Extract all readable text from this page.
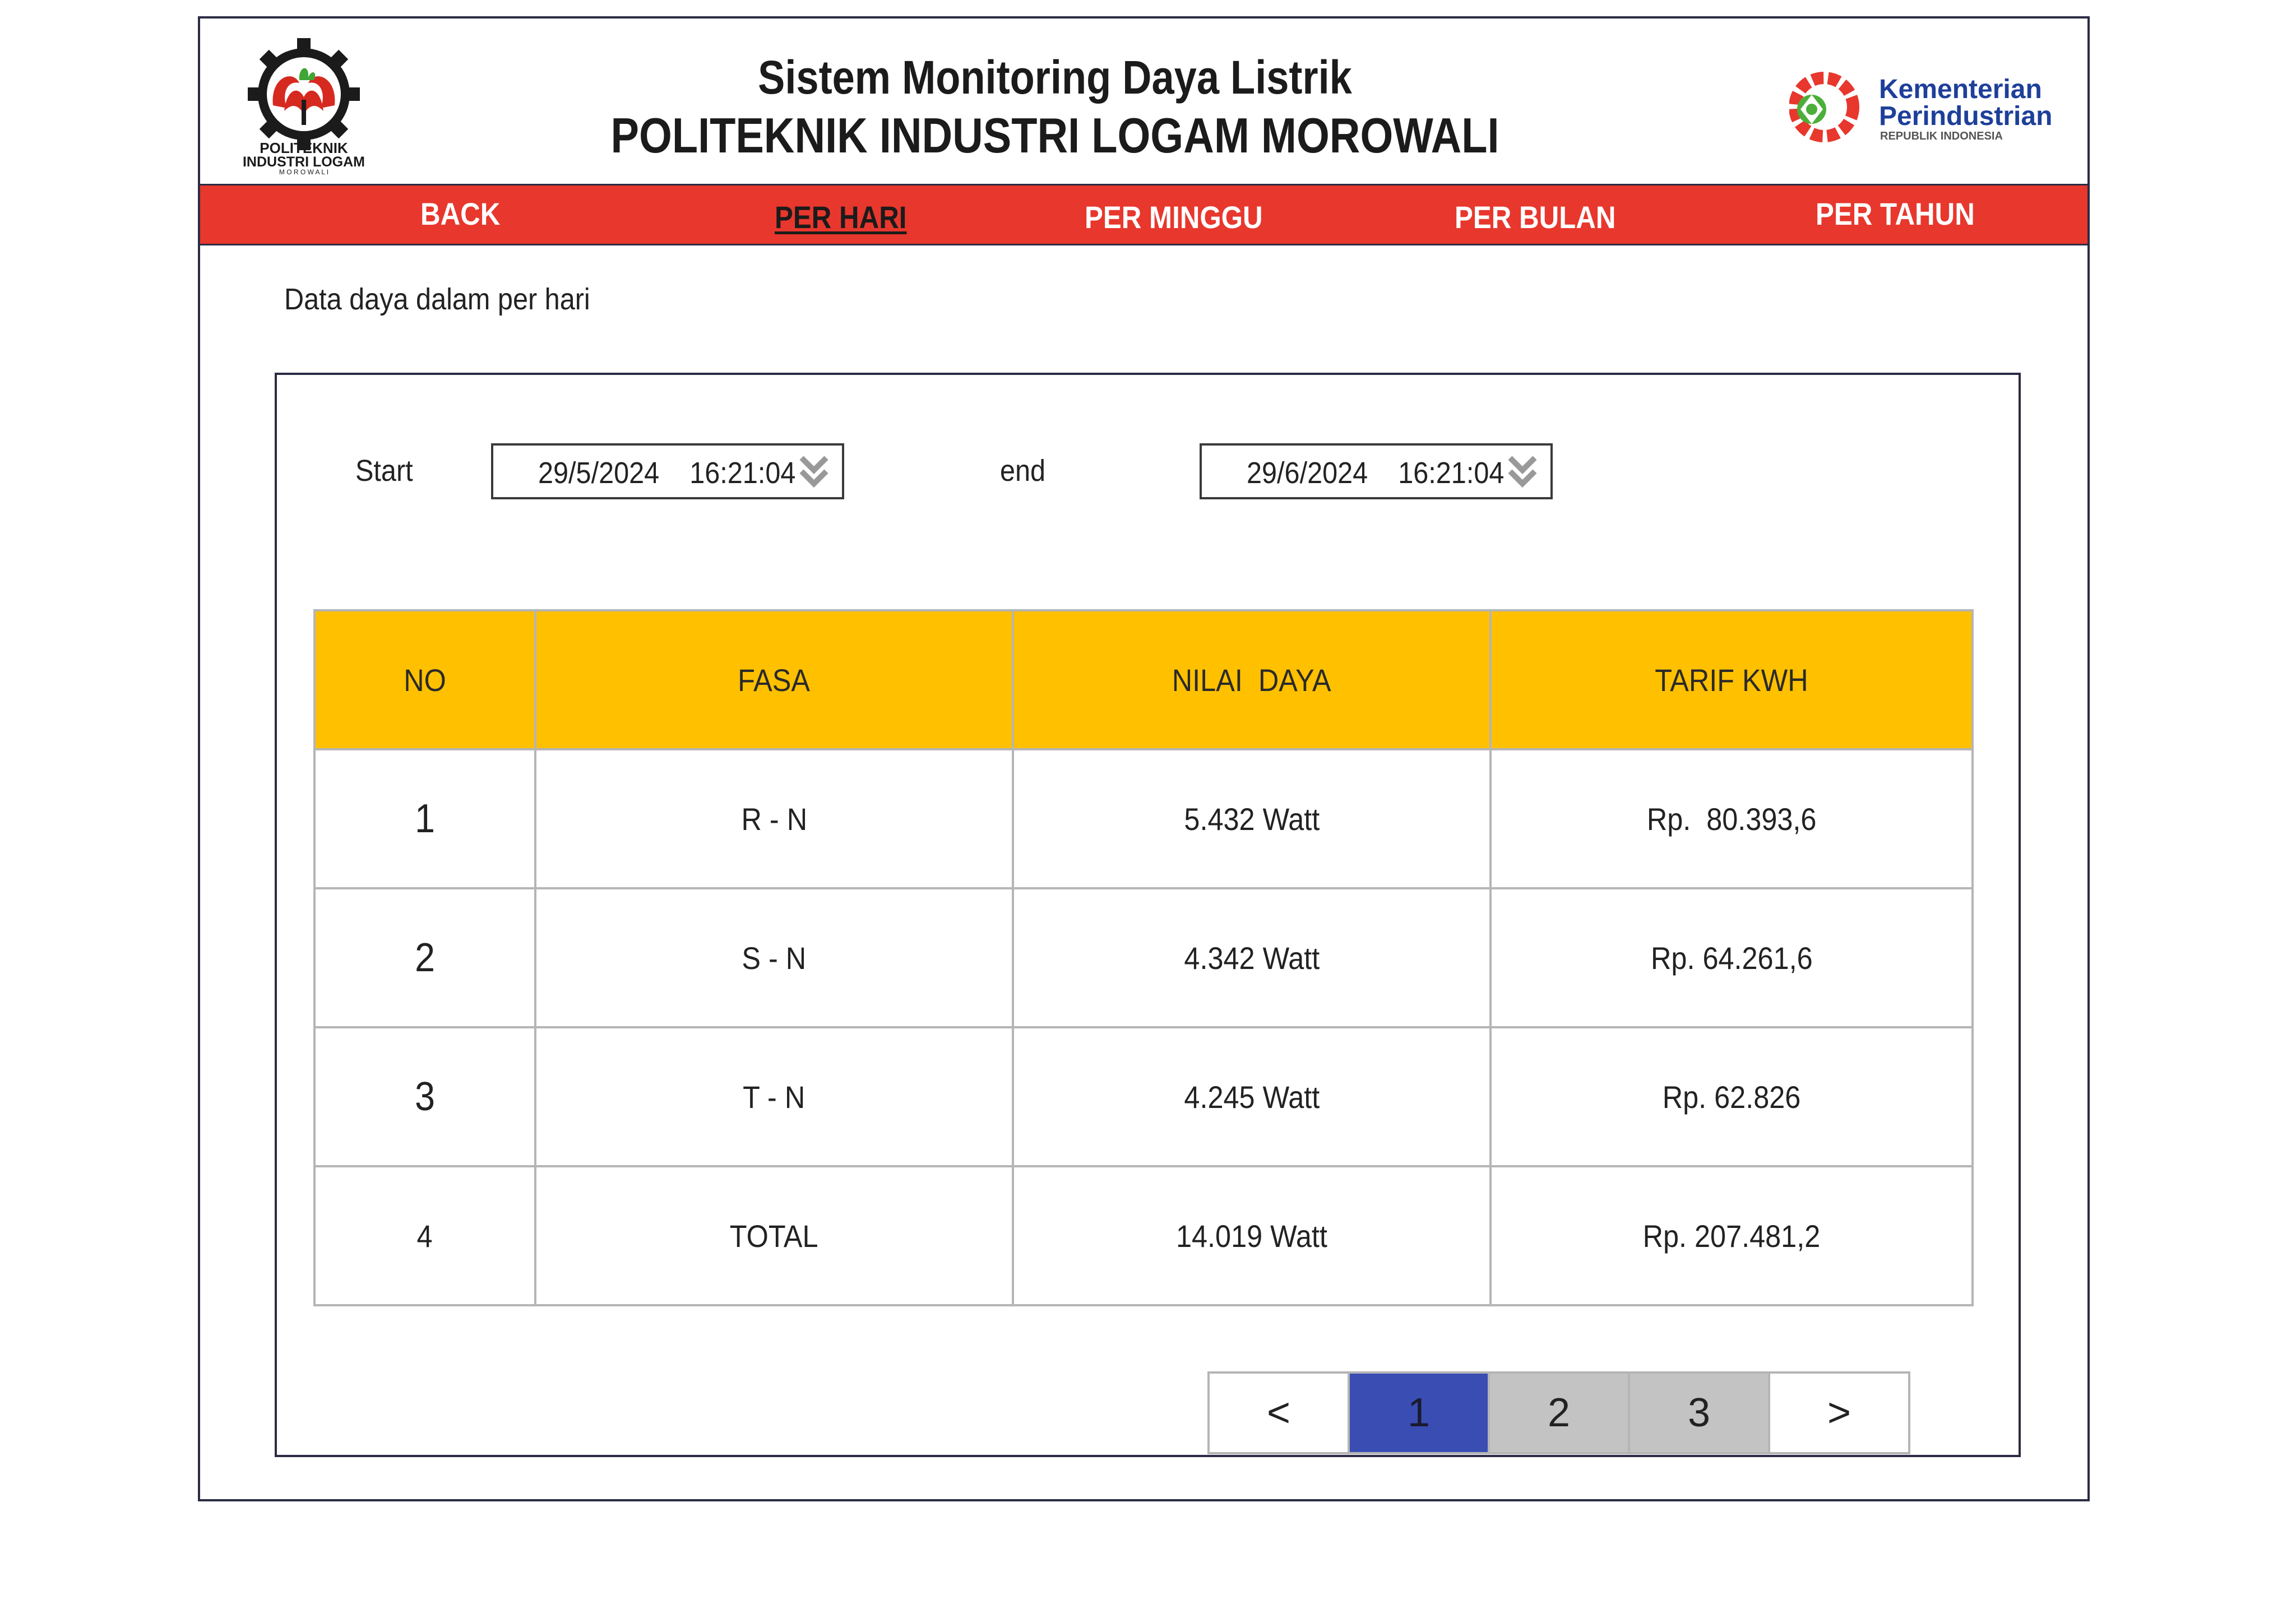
POLITEKNIK
INDUSTRI LOGAM
M O R O W A L I
Sistem Monitoring Daya Listrik
POLITEKNIK INDUSTRI LOGAM MOROWALI
Kementerian
Perindustrian
REPUBLIK INDONESIA
BACK	PER HARI	PER MINGGU	PER BULAN	PER TAHUN
Data daya dalam per hari
Start	29/5/2024    16:21:04	end	29/6/2024    16:21:04
NO	FASA	NILAI  DAYA	TARIF KWH
1	R - N	5.432 Watt	Rp.  80.393,6
2	S - N	4.342 Watt	Rp. 64.261,6
3	T - N	4.245 Watt	Rp. 62.826
4	TOTAL	14.019 Watt	Rp. 207.481,2
<	1	2	3	>
